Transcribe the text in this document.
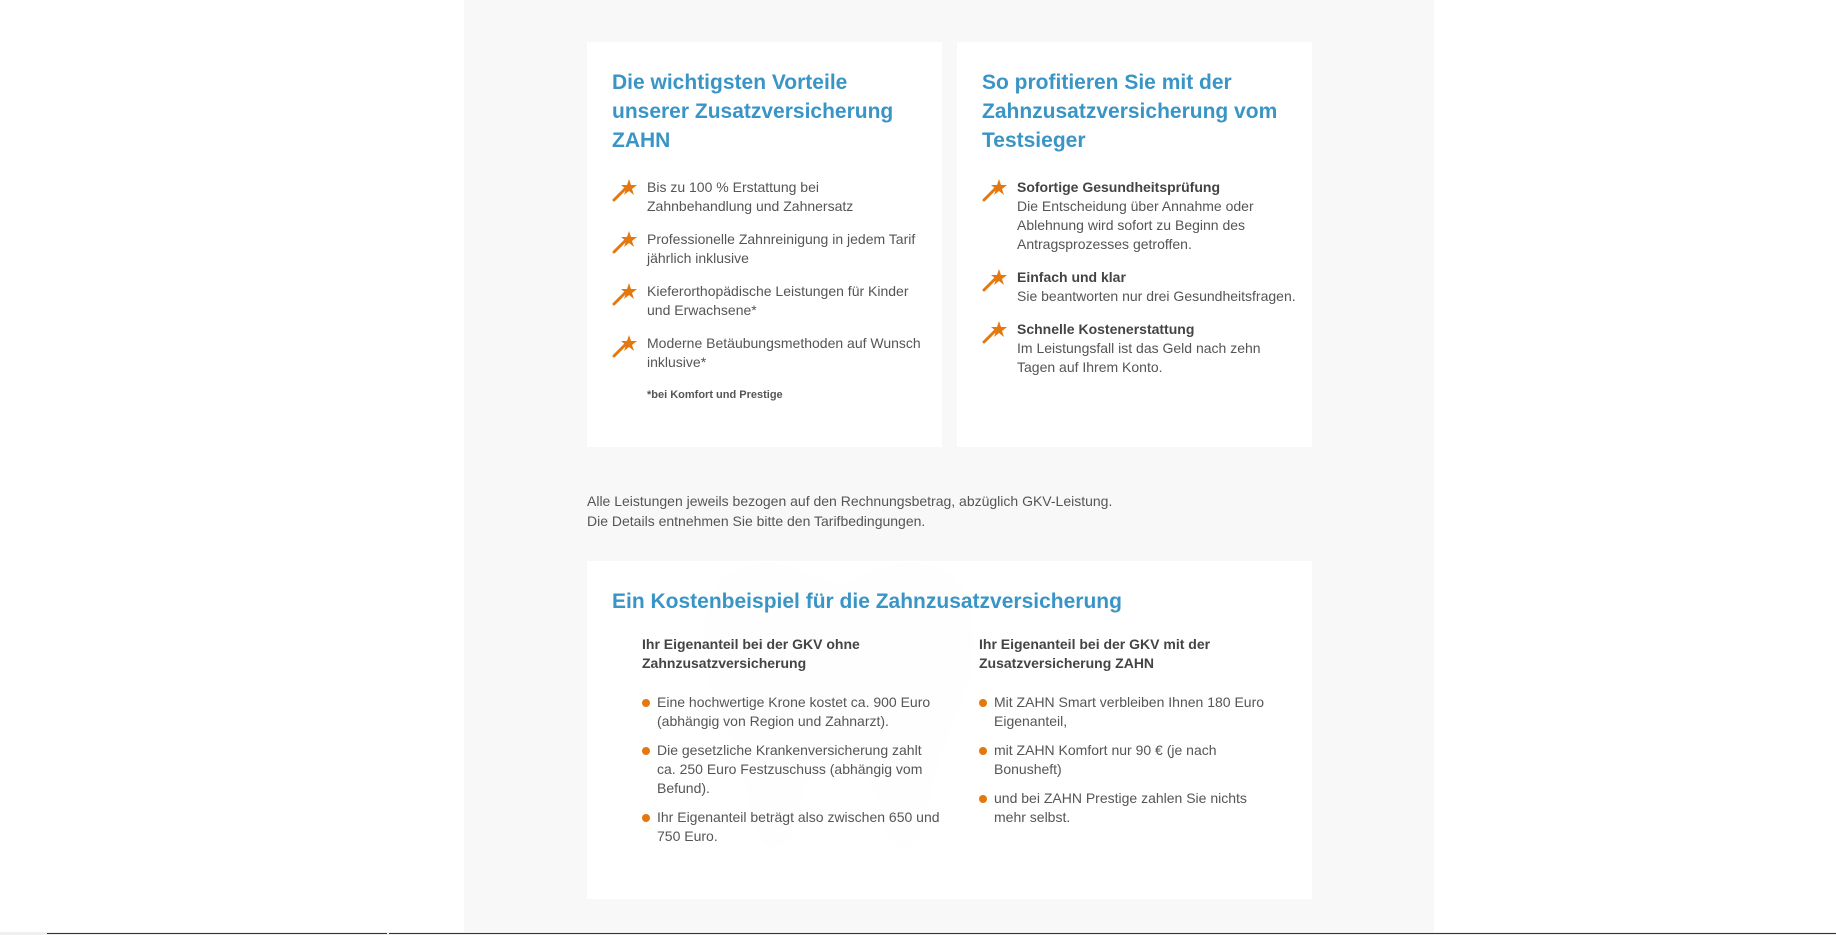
Die wichtigsten Vorteile unserer Zusatzversicherung ZAHN
Bis zu 100 % Erstattung bei Zahnbehandlung und Zahnersatz
Professionelle Zahnreinigung in jedem Tarif jährlich inklusive
Kieferorthopädische Leistungen für Kinder und Erwachsene*
Moderne Betäubungsmethoden auf Wunsch inklusive*
*bei Komfort und Prestige
So profitieren Sie mit der Zahnzusatzversicherung vom Testsieger
Sofortige Gesundheitsprüfung
Die Entscheidung über Annahme oder Ablehnung wird sofort zu Beginn des Antragsprozesses getroffen.
Einfach und klar
Sie beantworten nur drei Gesundheitsfragen.
Schnelle Kostenerstattung
Im Leistungsfall ist das Geld nach zehn Tagen auf Ihrem Konto.
Alle Leistungen jeweils bezogen auf den Rechnungsbetrag, abzüglich GKV-Leistung.
Die Details entnehmen Sie bitte den Tarifbedingungen.
Ein Kostenbeispiel für die Zahnzusatzversicherung
Ihr Eigenanteil bei der GKV ohne Zahnzusatzversicherung
Eine hochwertige Krone kostet ca. 900 Euro (abhängig von Region und Zahnarzt).
Die gesetzliche Krankenversicherung zahlt ca. 250 Euro Festzuschuss (abhängig vom Befund).
Ihr Eigenanteil beträgt also zwischen 650 und 750 Euro.
Ihr Eigenanteil bei der GKV mit der Zusatzversicherung ZAHN
Mit ZAHN Smart verbleiben Ihnen 180 Euro Eigenanteil,
mit ZAHN Komfort nur 90 € (je nach Bonusheft)
und bei ZAHN Prestige zahlen Sie nichts mehr selbst.
